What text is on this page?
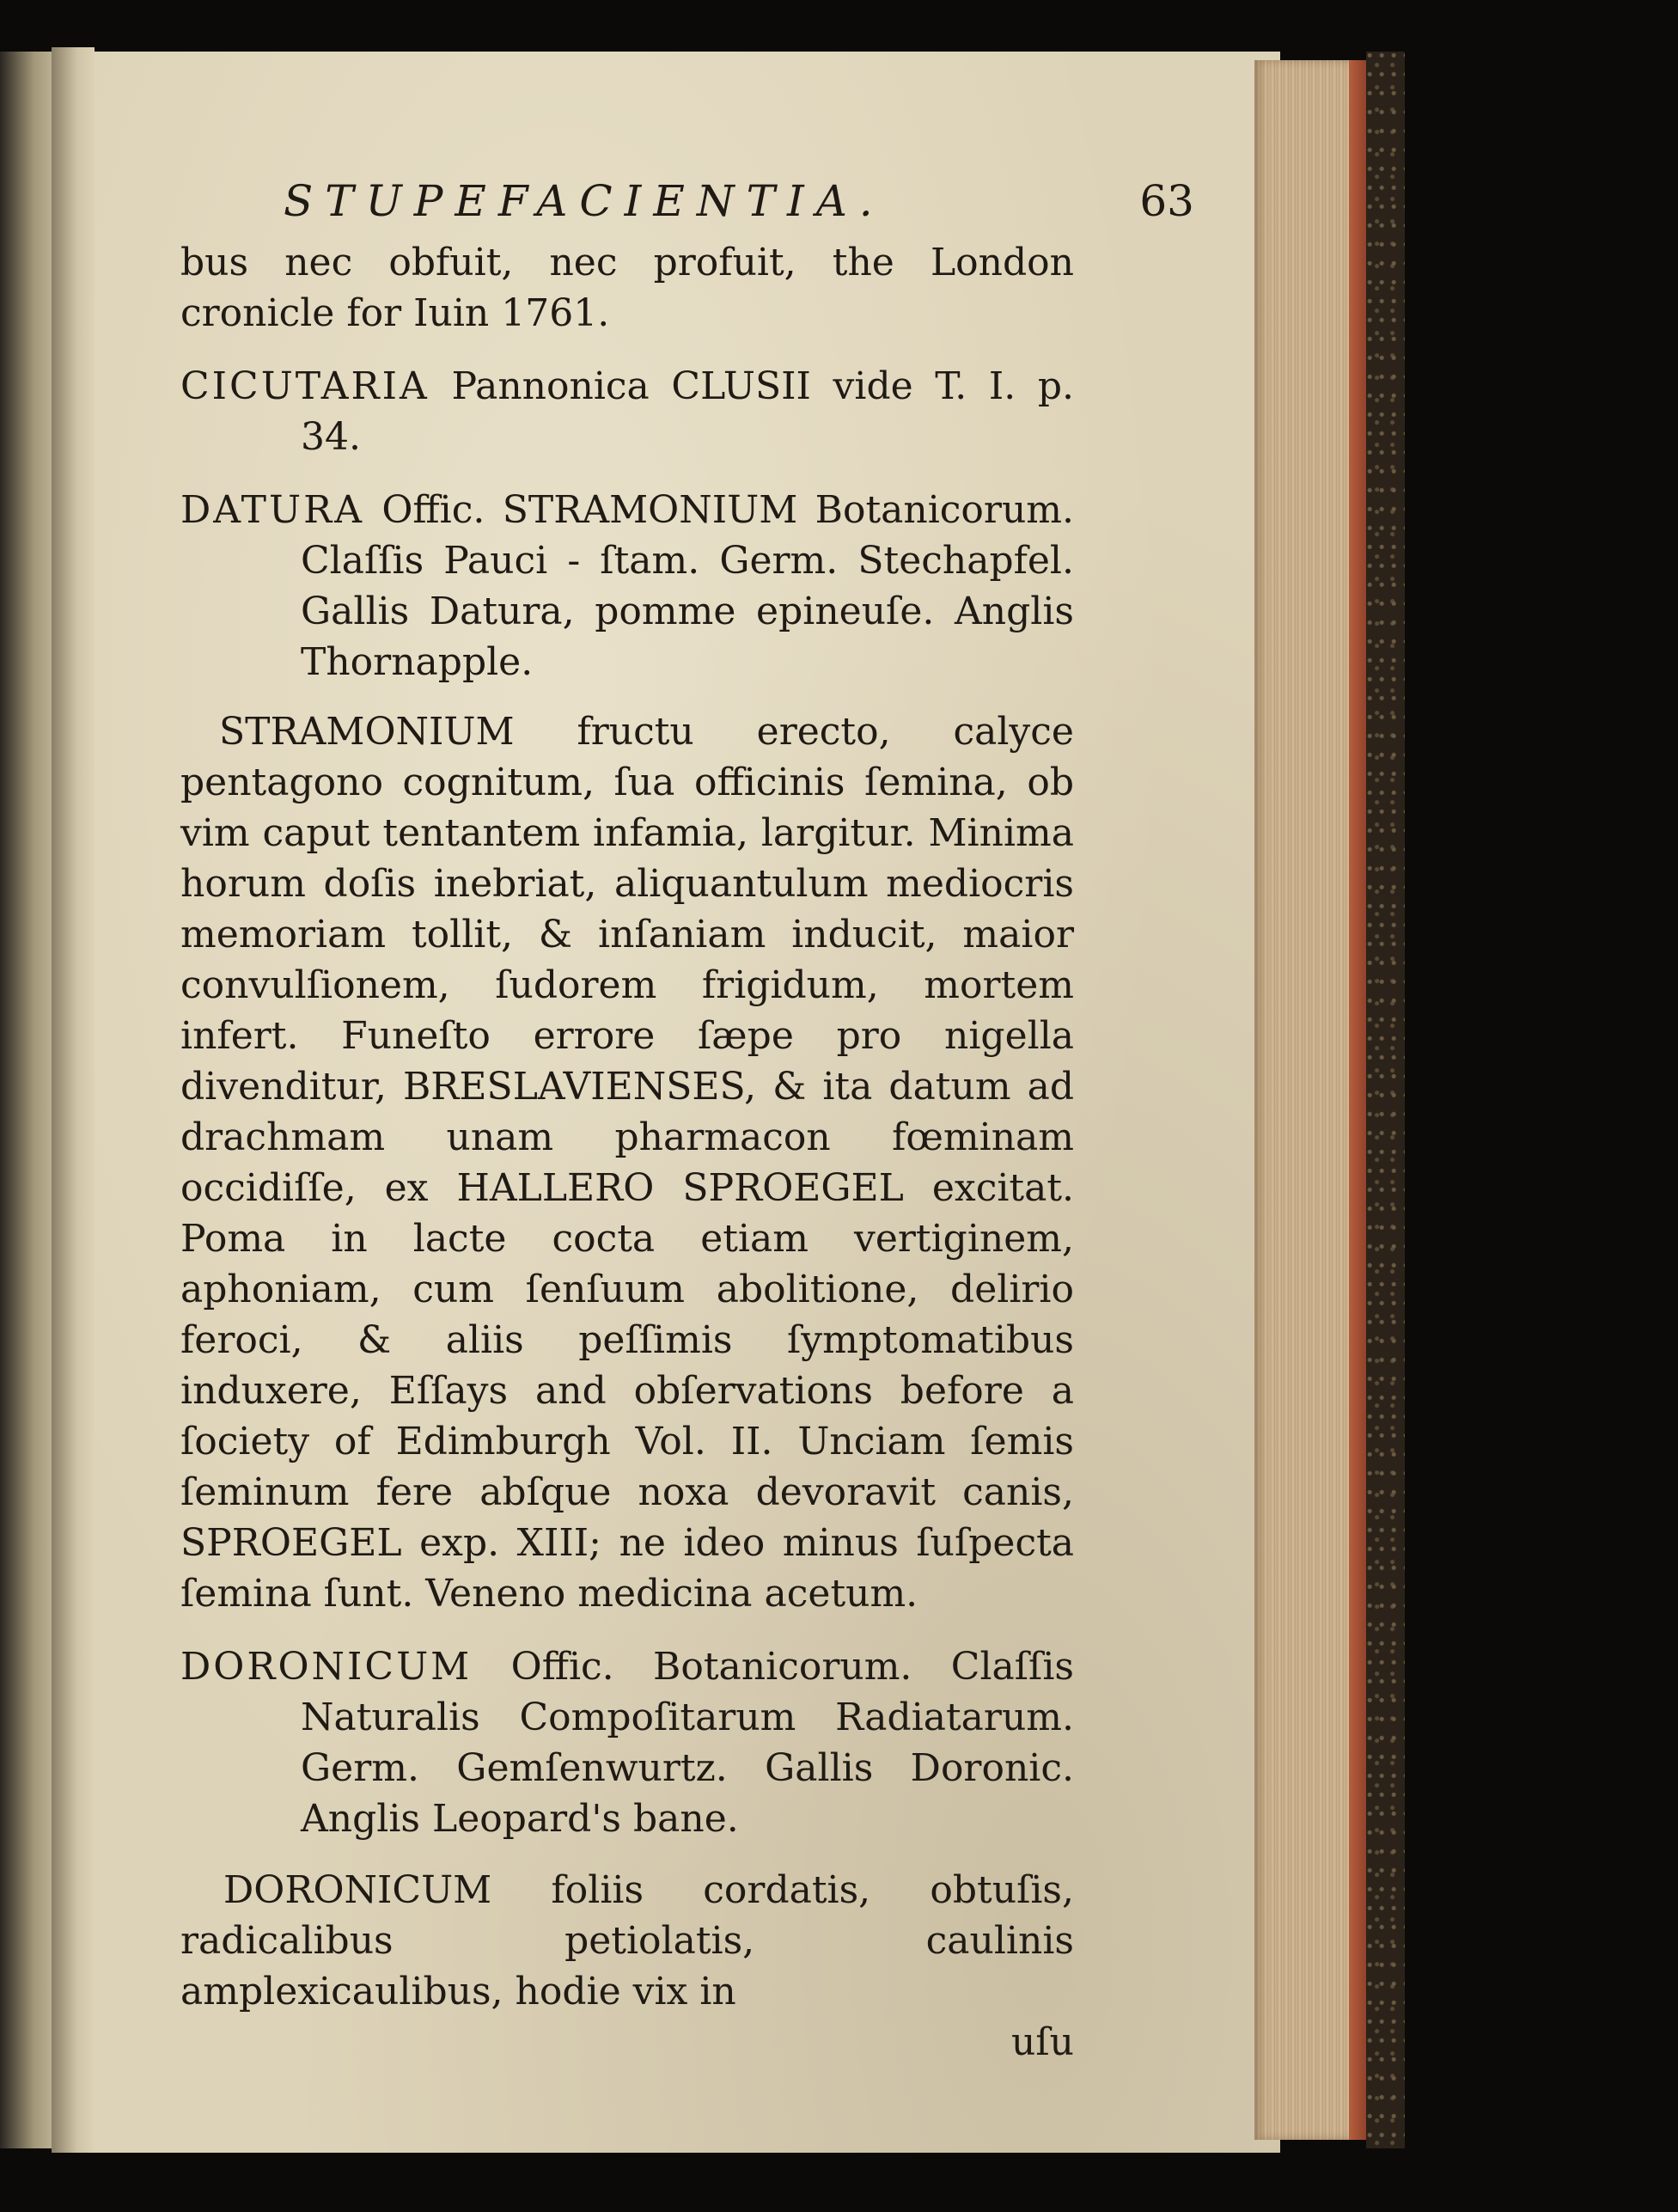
STUPEFACIENTIA.	63

bus nec obfuit, nec profuit, the London cronicle for Iuin 1761.

CICUTARIA Pannonica CLUSII vide T. I. p. 34.

DATURA Offic. STRAMONIUM Botanicorum. Claſſis Pauci - ſtam. Germ. Stechapfel. Gallis Datura, pomme epineuſe. Anglis Thornapple.

STRAMONIUM fructu erecto, calyce pentagono cognitum, ſua officinis ſemina, ob vim caput tentantem infamia, largitur. Minima horum doſis inebriat, aliquantulum mediocris memoriam tollit, & inſaniam inducit, maior convulſionem, ſudorem frigidum, mortem infert. Funeſto errore ſæpe pro nigella divenditur, BRESLAVIENSES, & ita datum ad drachmam unam pharmacon fœminam occidiſſe, ex HALLERO SPROEGEL excitat. Poma in lacte cocta etiam vertiginem, aphoniam, cum ſenſuum abolitione, delirio feroci, & aliis peſſimis ſymptomatibus induxere, Eſſays and obſervations before a ſociety of Edimburgh Vol. II. Unciam ſemis ſeminum fere abſque noxa devoravit canis, SPROEGEL exp. XIII; ne ideo minus ſuſpecta ſemina ſunt. Veneno medicina acetum.

DORONICUM Offic. Botanicorum. Claſſis Naturalis Compoſitarum Radiatarum. Germ. Gemſenwurtz. Gallis Doronic. Anglis Leopard's bane.

DORONICUM foliis cordatis, obtuſis, radicalibus petiolatis, caulinis amplexicaulibus, hodie vix in

uſu
